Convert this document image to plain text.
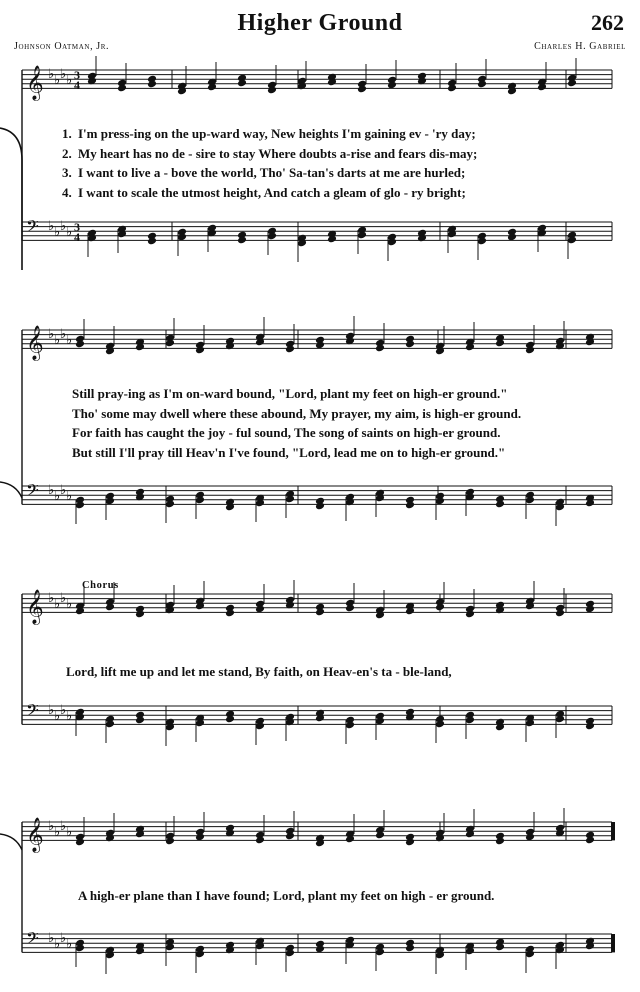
Higher Ground	262
Johnson Oatman, Jr.	Charles H. Gabriel
𝄞 ♭ ♭ ♭ ♭ 3
4
𝄢 ♭ ♭ ♭ ♭ 3
4
𝄞 ♭ ♭ ♭ ♭
𝄢 ♭ ♭ ♭ ♭
𝄞 ♭ ♭ ♭ ♭
𝄢 ♭ ♭ ♭ ♭
𝄞 ♭ ♭ ♭ ♭
𝄢 ♭ ♭ ♭ ♭
1. I'm press-ing on the up-ward way, New heights I'm gaining ev - 'ry day;
2. My heart has no de - sire to stay Where doubts a-rise and fears dis-may;
3. I want to live a - bove the world, Tho' Sa-tan's darts at me are hurled;
4. I want to scale the utmost height, And catch a gleam of glo - ry bright;
Still pray-ing as I'm on-ward bound, "Lord, plant my feet on high-er ground."
Tho' some may dwell where these abound, My prayer, my aim, is high-er ground.
For faith has caught the joy - ful sound, The song of saints on high-er ground.
But still I'll pray till Heav'n I've found, "Lord, lead me on to high-er ground."
Chorus
Lord, lift me up and let me stand, By faith, on Heav-en's ta - ble-land,
A high-er plane than I have found; Lord, plant my feet on high - er ground.
